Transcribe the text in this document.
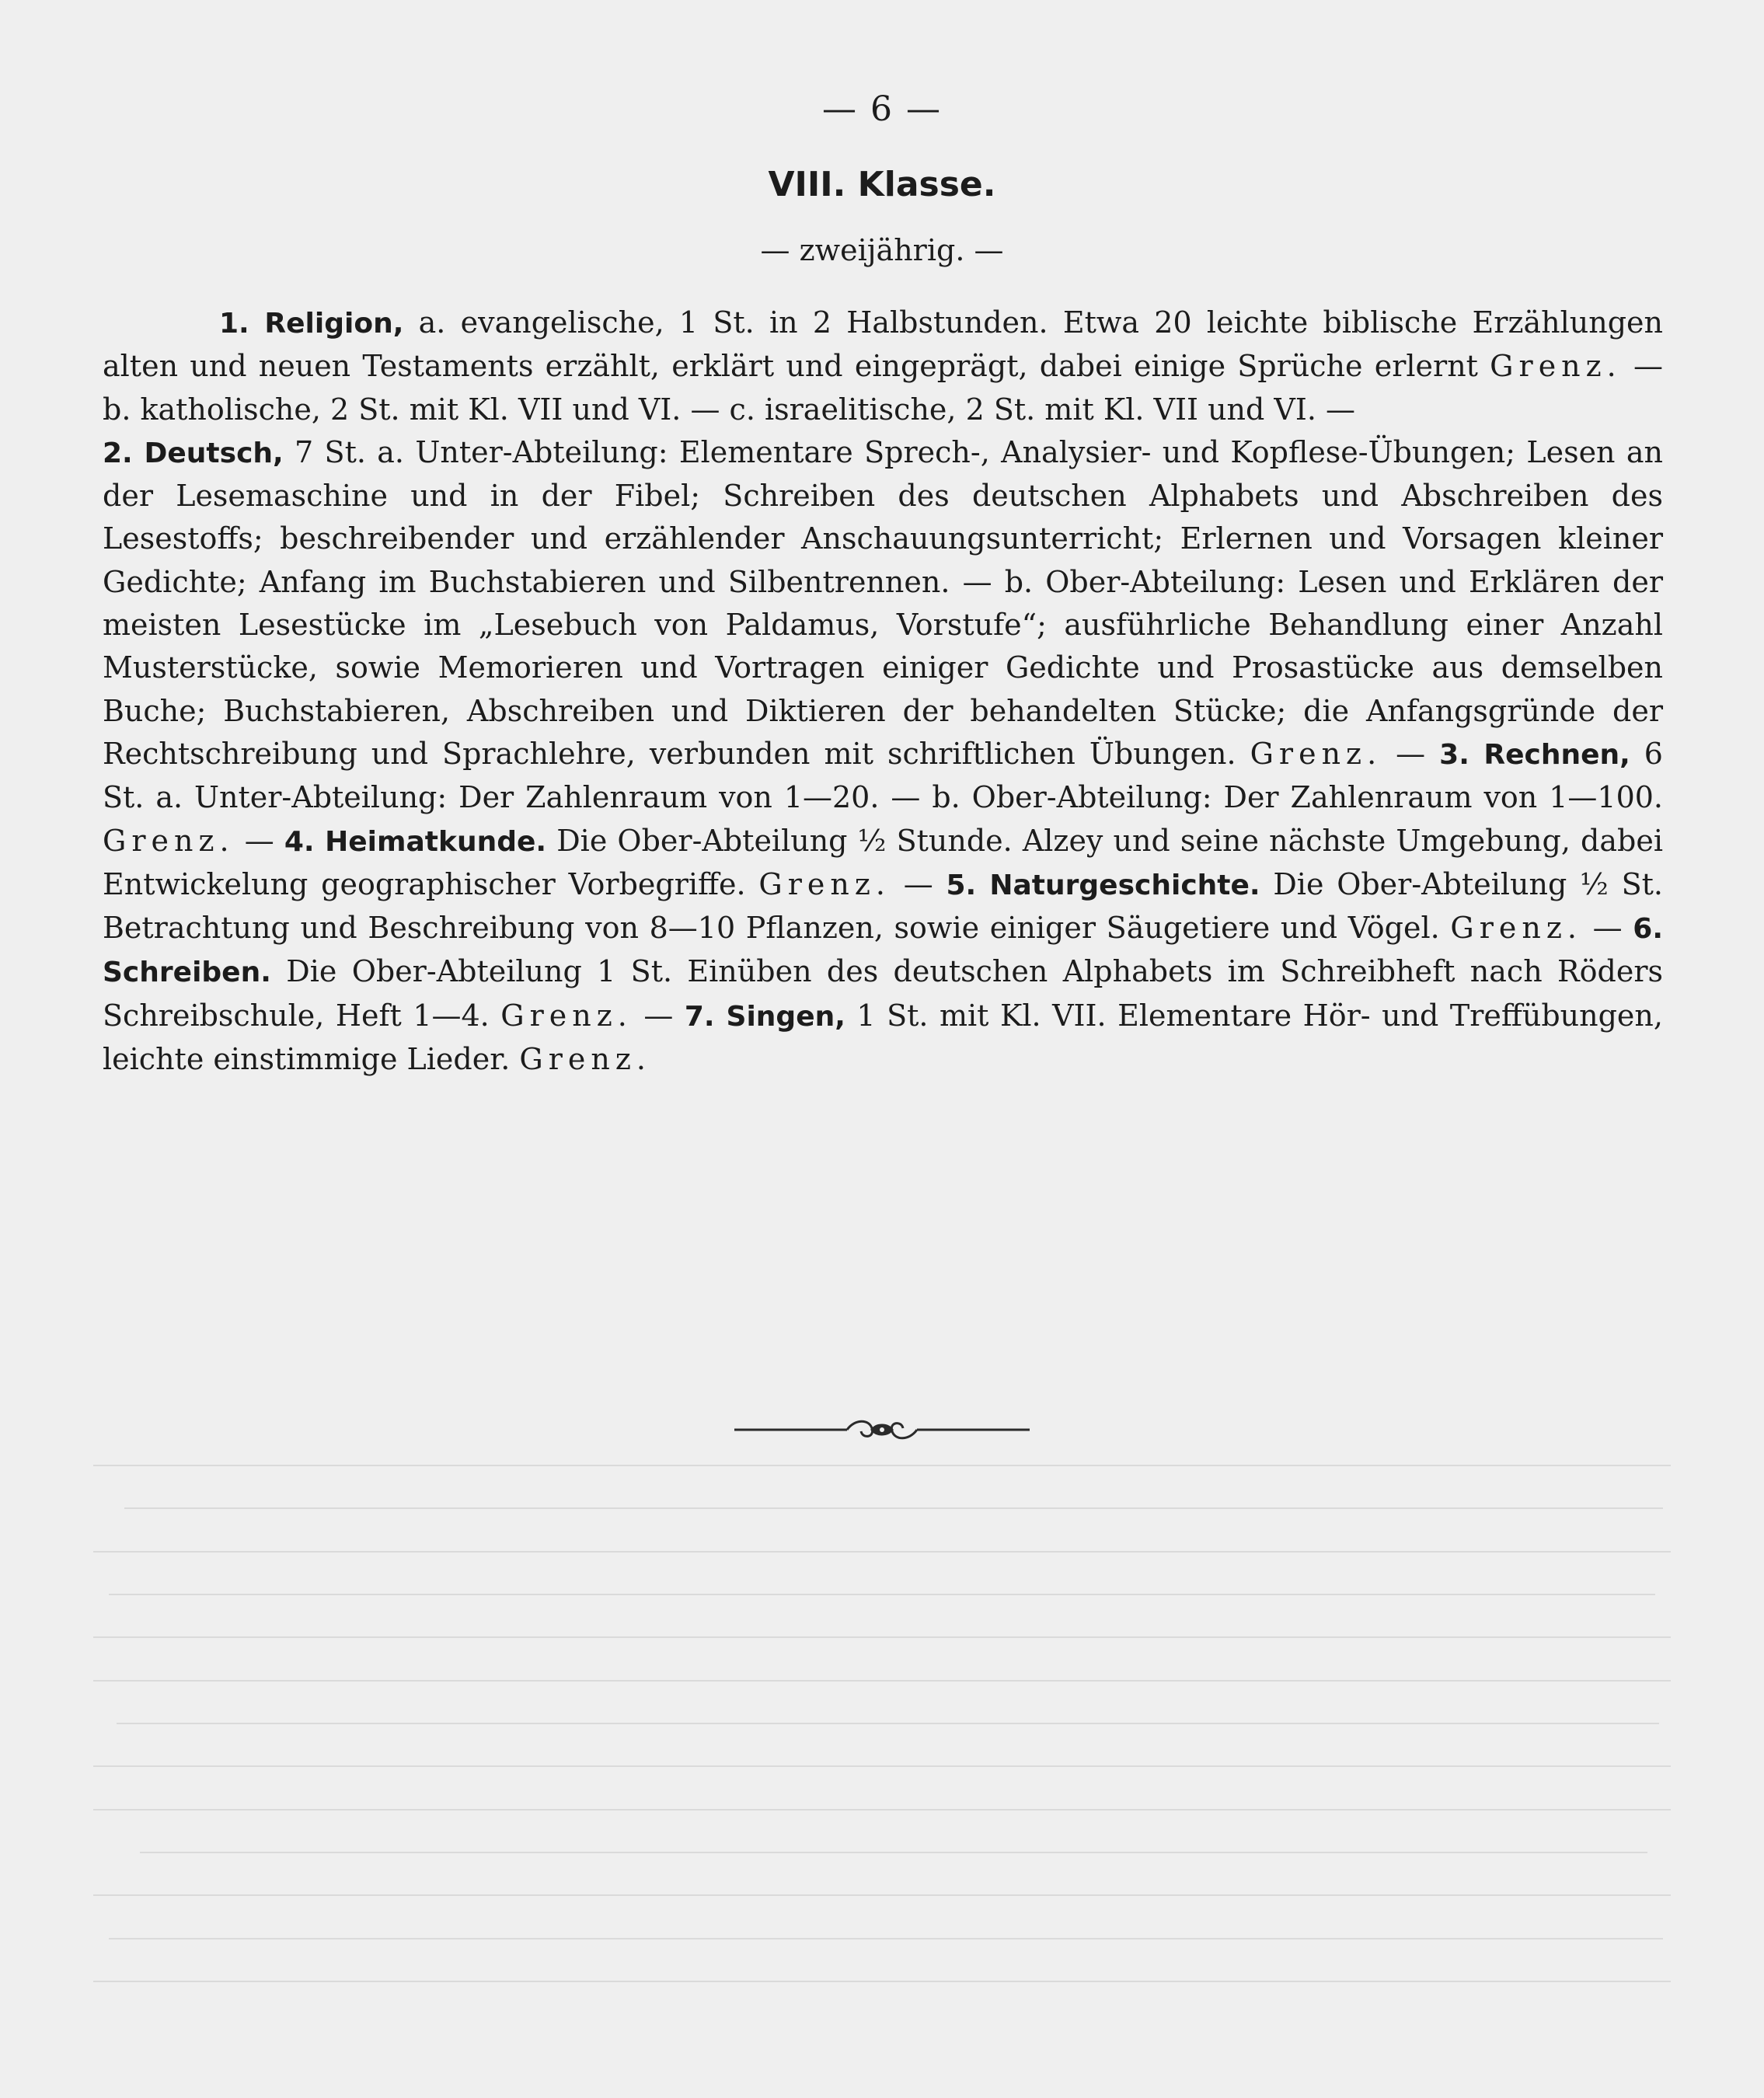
— 6 —
VIII. Klasse.
— zweijährig. —

1. Religion, a. evangelische, 1 St. in 2 Halbstunden. Etwa 20 leichte biblische Erzählungen alten und neuen Testaments erzählt, erklärt und eingeprägt, dabei einige Sprüche erlernt Grenz. — b. katholische, 2 St. mit Kl. VII und VI. — c. israelitische, 2 St. mit Kl. VII und VI. —

2. Deutsch, 7 St. a. Unter-Abteilung: Elementare Sprech-, Analysier- und Kopflese-Übungen; Lesen an der Lesemaschine und in der Fibel; Schreiben des deutschen Alphabets und Abschreiben des Lesestoffs; beschreibender und erzählender Anschauungsunterricht; Erlernen und Vorsagen kleiner Gedichte; Anfang im Buchstabieren und Silbentrennen. — b. Ober-Abteilung: Lesen und Erklären der meisten Lesestücke im „Lesebuch von Paldamus, Vorstufe“; ausführliche Behandlung einer Anzahl Musterstücke, sowie Memorieren und Vortragen einiger Gedichte und Prosastücke aus demselben Buche; Buchstabieren, Abschreiben und Diktieren der behandelten Stücke; die Anfangsgründe der Rechtschreibung und Sprachlehre, verbunden mit schriftlichen Übungen. Grenz. — 3. Rechnen, 6 St. a. Unter-Abteilung: Der Zahlenraum von 1—20. — b. Ober-Abteilung: Der Zahlenraum von 1—100. Grenz. — 4. Heimatkunde. Die Ober-Abteilung ½ Stunde. Alzey und seine nächste Umgebung, dabei Entwickelung geographischer Vorbegriffe. Grenz. — 5. Naturgeschichte. Die Ober-Abteilung ½ St. Betrachtung und Beschreibung von 8—10 Pflanzen, sowie einiger Säugetiere und Vögel. Grenz. — 6. Schreiben. Die Ober-Abteilung 1 St. Einüben des deutschen Alphabets im Schreibheft nach Röders Schreibschule, Heft 1—4. Grenz. — 7. Singen, 1 St. mit Kl. VII. Elementare Hör- und Treffübungen, leichte einstimmige Lieder. Grenz.
